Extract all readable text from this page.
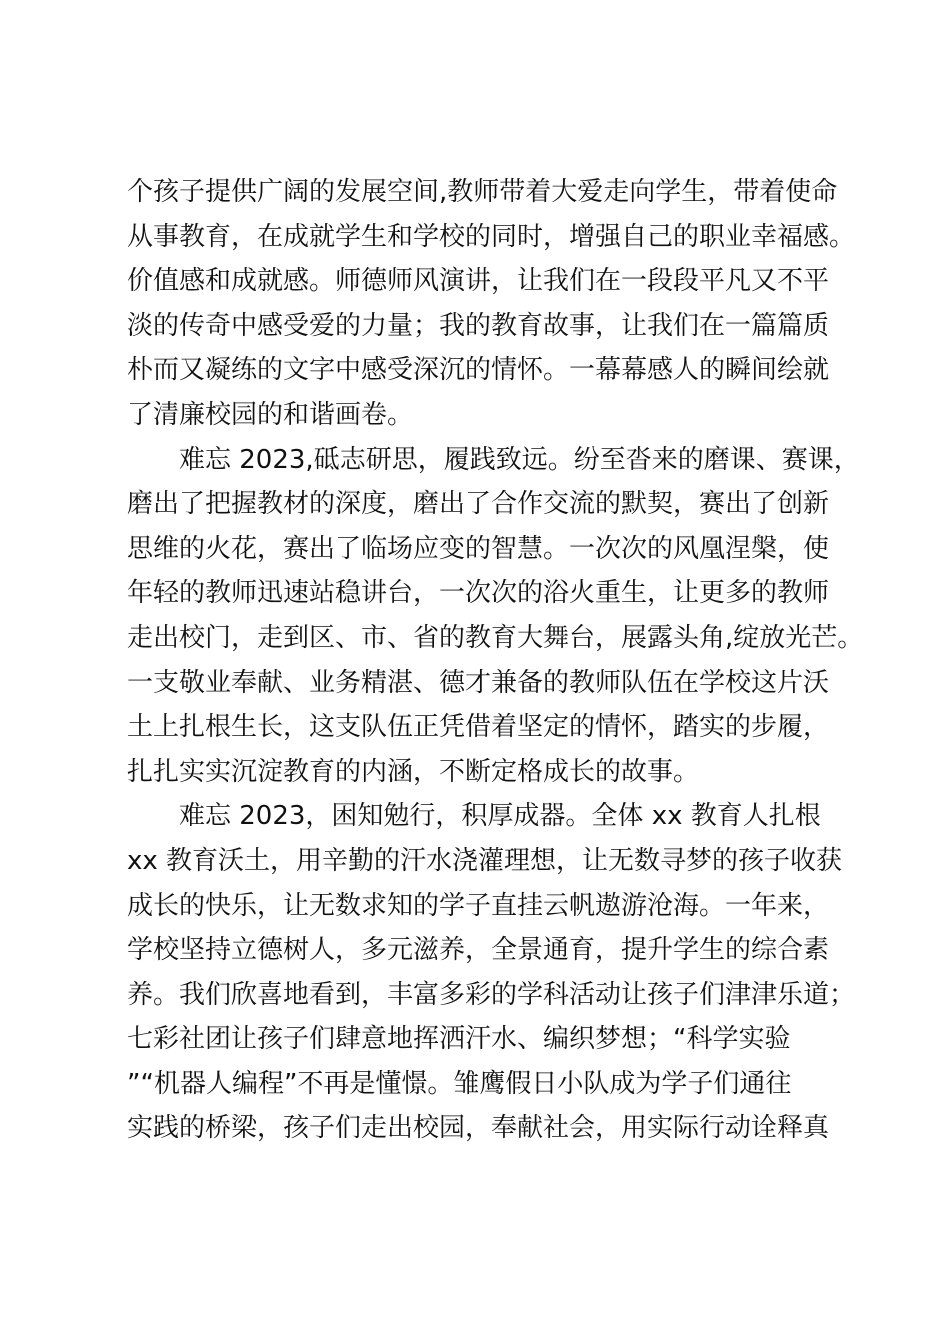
个孩子提供广阔的发展空间,教师带着大爱走向学生，带着使命
从事教育，在成就学生和学校的同时，增强自己的职业幸福感。
价值感和成就感。师德师风演讲，让我们在一段段平凡又不平
淡的传奇中感受爱的力量；我的教育故事，让我们在一篇篇质
朴而又凝练的文字中感受深沉的情怀。一幕幕感人的瞬间绘就
了清廉校园的和谐画卷。
难忘 2023,砥志研思，履践致远。纷至沓来的磨课、赛课，
磨出了把握教材的深度，磨出了合作交流的默契，赛出了创新
思维的火花，赛出了临场应变的智慧。一次次的风凰涅槃，使
年轻的教师迅速站稳讲台，一次次的浴火重生，让更多的教师
走出校门，走到区、市、省的教育大舞台，展露头角,绽放光芒。
一支敬业奉献、业务精湛、德才兼备的教师队伍在学校这片沃
土上扎根生长，这支队伍正凭借着坚定的情怀，踏实的步履，
扎扎实实沉淀教育的内涵，不断定格成长的故事。
难忘 2023，困知勉行，积厚成器。全体 xx 教育人扎根
xx 教育沃土，用辛勤的汗水浇灌理想，让无数寻梦的孩子收获
成长的快乐，让无数求知的学子直挂云帆遨游沧海。一年来，
学校坚持立德树人，多元滋养，全景通育，提升学生的综合素
养。我们欣喜地看到，丰富多彩的学科活动让孩子们津津乐道；
七彩社团让孩子们肆意地挥洒汗水、编织梦想；“科学实验
”“机器人编程”不再是懂憬。雏鹰假日小队成为学子们通往
实践的桥梁，孩子们走出校园，奉献社会，用实际行动诠释真
